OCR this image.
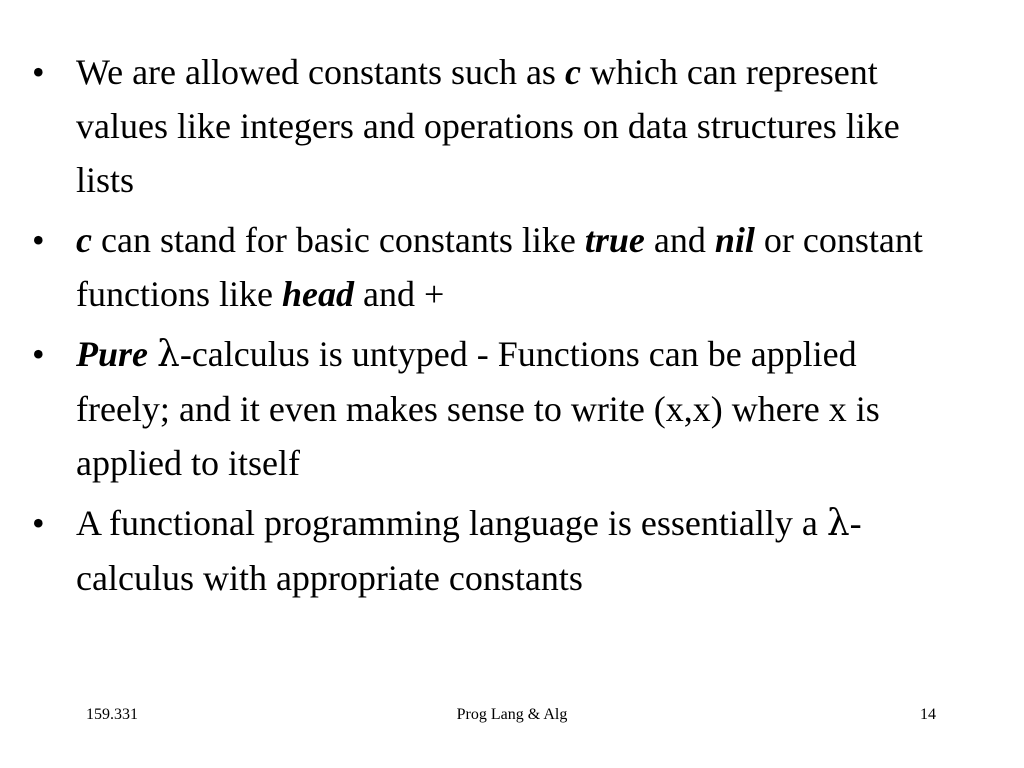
• We are allowed constants such as c which can represent values like integers and operations on data structures like lists
• c can stand for basic constants like true and nil or constant functions like head and +
• Pure λ-calculus is untyped - Functions can be applied freely; and it even makes sense to write (x,x) where x is applied to itself
• A functional programming language is essentially a λ-calculus with appropriate constants
159.331	Prog Lang & Alg	14
